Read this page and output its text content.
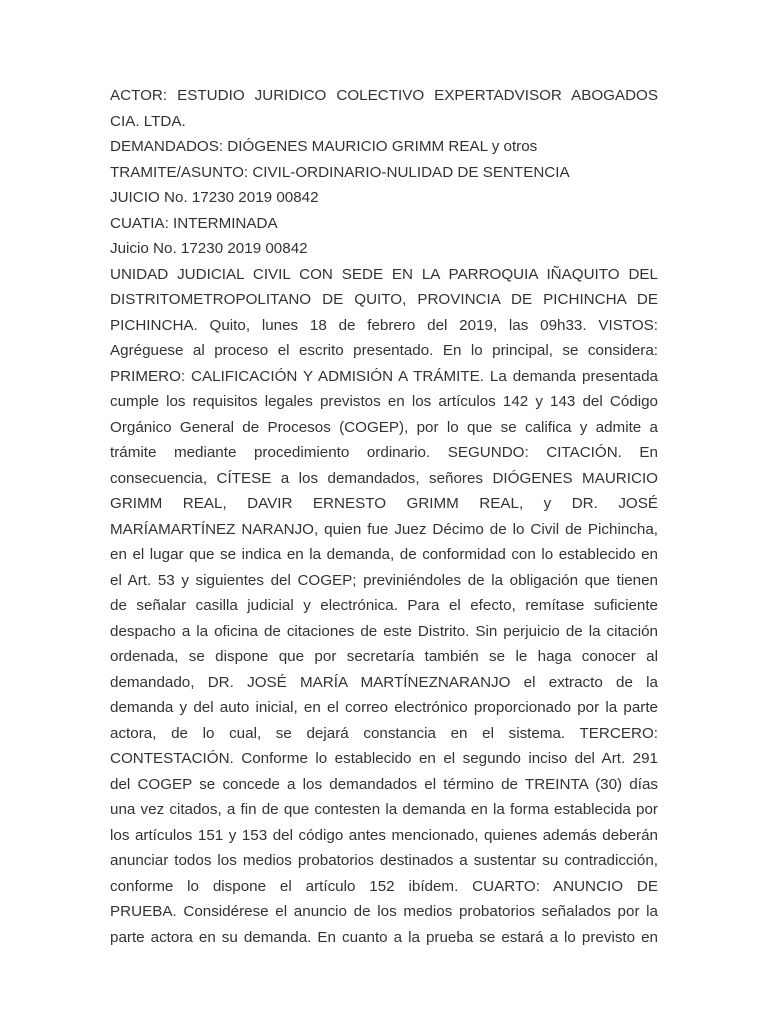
ACTOR: ESTUDIO JURIDICO COLECTIVO EXPERTADVISOR ABOGADOS
CIA. LTDA.
DEMANDADOS: DIÓGENES MAURICIO GRIMM REAL y otros
TRAMITE/ASUNTO: CIVIL-ORDINARIO-NULIDAD DE SENTENCIA
JUICIO No. 17230 2019 00842
CUATIA: INTERMINADA
Juicio No. 17230 2019 00842
UNIDAD JUDICIAL CIVIL CON SEDE EN LA PARROQUIA IÑAQUITO DEL
DISTRITOMETROPOLITANO DE QUITO, PROVINCIA DE PICHINCHA DE
PICHINCHA. Quito, lunes 18 de febrero del 2019, las 09h33. VISTOS:
Agréguese al proceso el escrito presentado. En lo principal, se considera:
PRIMERO: CALIFICACIÓN Y ADMISIÓN A TRÁMITE. La demanda presentada
cumple los requisitos legales previstos en los artículos 142 y 143 del Código
Orgánico General de Procesos (COGEP), por lo que se califica y admite a
trámite mediante procedimiento ordinario. SEGUNDO: CITACIÓN. En
consecuencia, CÍTESE a los demandados, señores DIÓGENES MAURICIO
GRIMM REAL, DAVIR ERNESTO GRIMM REAL, y DR. JOSÉ
MARÍAMARTÍNEZ NARANJO, quien fue Juez Décimo de lo Civil de Pichincha,
en el lugar que se indica en la demanda, de conformidad con lo establecido en
el Art. 53 y siguientes del COGEP; previniéndoles de la obligación que tienen
de señalar casilla judicial y electrónica. Para el efecto, remítase suficiente
despacho a la oficina de citaciones de este Distrito. Sin perjuicio de la citación
ordenada, se dispone que por secretaría también se le haga conocer al
demandado, DR. JOSÉ MARÍA MARTÍNEZNARANJO el extracto de la
demanda y del auto inicial, en el correo electrónico proporcionado por la parte
actora, de lo cual, se dejará constancia en el sistema. TERCERO:
CONTESTACIÓN. Conforme lo establecido en el segundo inciso del Art. 291
del COGEP se concede a los demandados el término de TREINTA (30) días
una vez citados, a fin de que contesten la demanda en la forma establecida por
los artículos 151 y 153 del código antes mencionado, quienes además deberán
anunciar todos los medios probatorios destinados a sustentar su contradicción,
conforme lo dispone el artículo 152 ibídem. CUARTO: ANUNCIO DE
PRUEBA. Considérese el anuncio de los medios probatorios señalados por la
parte actora en su demanda. En cuanto a la prueba se estará a lo previsto en
